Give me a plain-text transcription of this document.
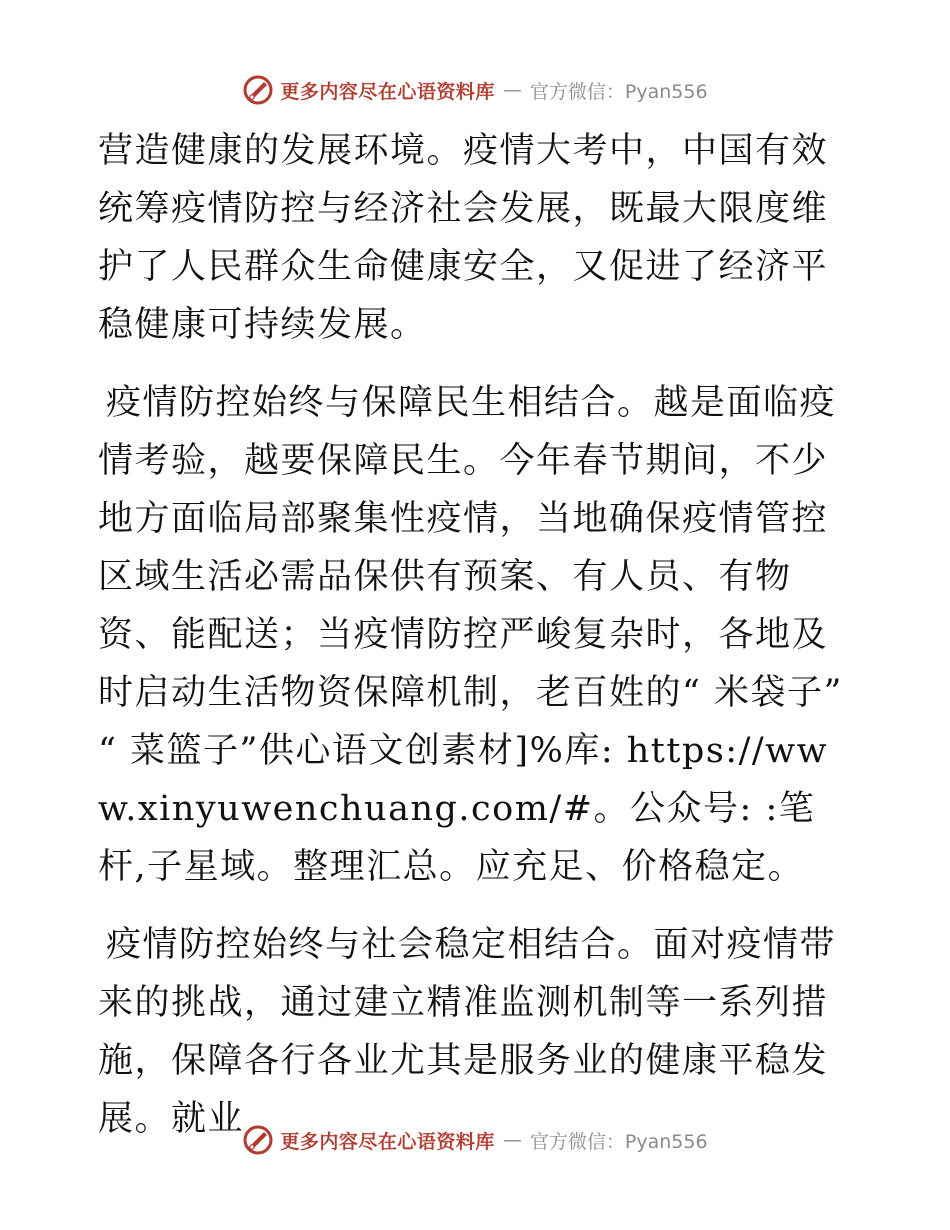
更多内容尽在心语资料库 — 官方微信：Pyan556

营造健康的发展环境。疫情大考中，中国有效统筹疫情防控与经济社会发展，既最大限度维护了人民群众生命健康安全，又促进了经济平稳健康可持续发展。

疫情防控始终与保障民生相结合。越是面临疫情考验，越要保障民生。今年春节期间，不少地方面临局部聚集性疫情，当地确保疫情管控区域生活必需品保供有预案、有人员、有物资、能配送；当疫情防控严峻复杂时，各地及时启动生活物资保障机制，老百姓的“ 米袋子” “ 菜篮子”供心语文创素材]%库: https://www.xinyuwenchuang.com/#。公众号: :笔杆,子星域。整理汇总。应充足、价格稳定。

疫情防控始终与社会稳定相结合。面对疫情带来的挑战，通过建立精准监测机制等一系列措施，保障各行各业尤其是服务业的健康平稳发展。就业

更多内容尽在心语资料库 — 官方微信：Pyan556
